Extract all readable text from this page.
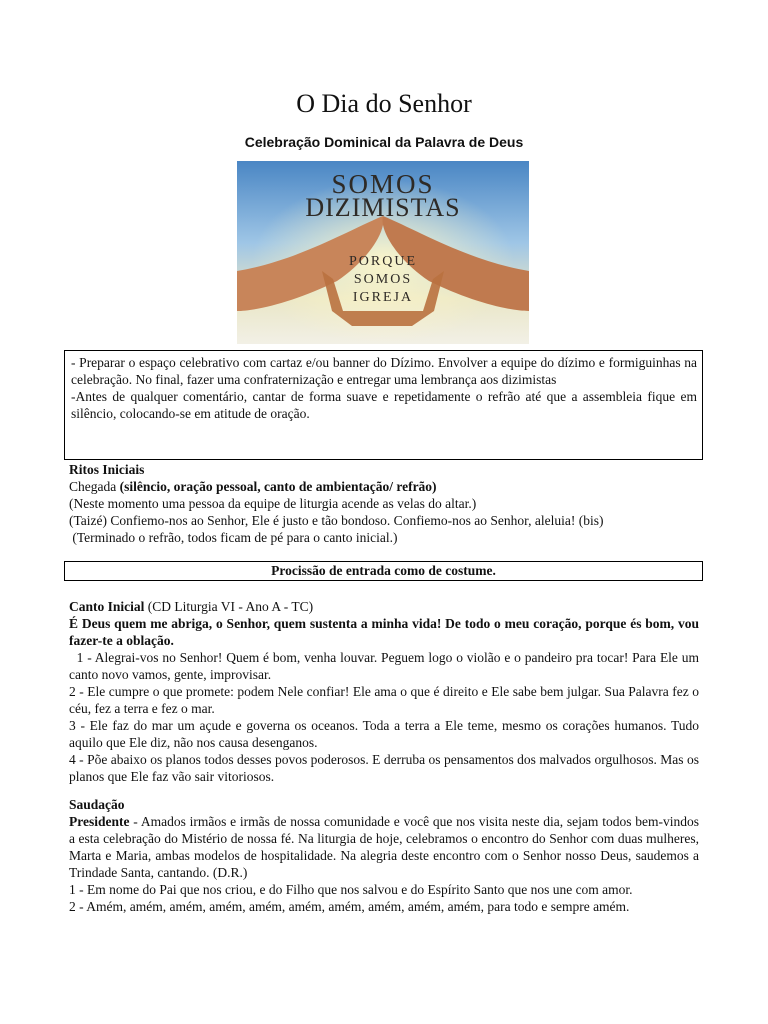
O Dia do Senhor
Celebração Dominical da Palavra de Deus
SOMOS
DIZIMISTAS
PORQUE
SOMOS
IGREJA

- Preparar o espaço celebrativo com cartaz e/ou banner do Dízimo. Envolver a equipe do dízimo e formiguinhas na celebração. No final, fazer uma confraternização e entregar uma lembrança aos dizimistas

-Antes de qualquer comentário, cantar de forma suave e repetidamente o refrão até que a assembleia fique em silêncio, colocando-se em atitude de oração.

Ritos Iniciais
Chegada (silêncio, oração pessoal, canto de ambientação/ refrão)
(Neste momento uma pessoa da equipe de liturgia acende as velas do altar.)
(Taizé) Confiemo-nos ao Senhor, Ele é justo e tão bondoso. Confiemo-nos ao Senhor, aleluia! (bis)
(Terminado o refrão, todos ficam de pé para o canto inicial.)
Procissão de entrada como de costume.
Canto Inicial (CD Liturgia VI - Ano A - TC)

É Deus quem me abriga, o Senhor, quem sustenta a minha vida! De todo o meu coração, porque és bom, vou fazer-te a oblação.

1 - Alegrai-vos no Senhor! Quem é bom, venha louvar. Peguem logo o violão e o pandeiro pra tocar! Para Ele um canto novo vamos, gente, improvisar.

2 - Ele cumpre o que promete: podem Nele confiar! Ele ama o que é direito e Ele sabe bem julgar. Sua Palavra fez o céu, fez a terra e fez o mar.

3 - Ele faz do mar um açude e governa os oceanos. Toda a terra a Ele teme, mesmo os corações humanos. Tudo aquilo que Ele diz, não nos causa desenganos.

4 - Põe abaixo os planos todos desses povos poderosos. E derruba os pensamentos dos malvados orgulhosos. Mas os planos que Ele faz vão sair vitoriosos.

Saudação

Presidente - Amados irmãos e irmãs de nossa comunidade e você que nos visita neste dia, sejam todos bem-vindos a esta celebração do Mistério de nossa fé. Na liturgia de hoje, celebramos o encontro do Senhor com duas mulheres, Marta e Maria, ambas modelos de hospitalidade. Na alegria deste encontro com o Senhor nosso Deus, saudemos a Trindade Santa, cantando. (D.R.)

1 - Em nome do Pai que nos criou, e do Filho que nos salvou e do Espírito Santo que nos une com amor.

2 - Amém, amém, amém, amém, amém, amém, amém, amém, amém, amém, para todo e sempre amém.
